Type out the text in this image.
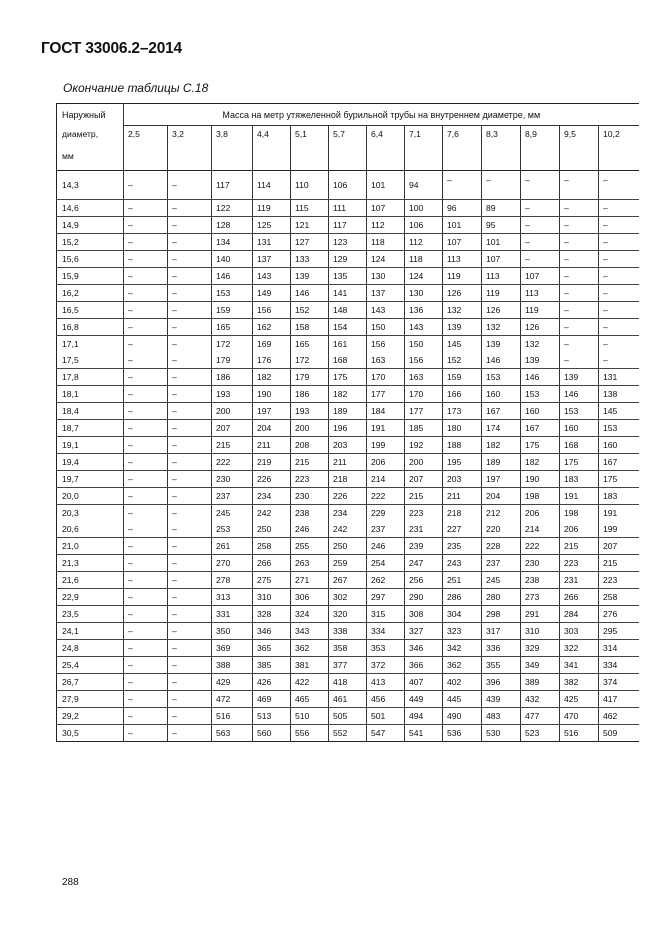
ГОСТ 33006.2–2014
Окончание таблицы С.18
Наружный	Масса на метр утяжеленной бурильной трубы на внутреннем диаметре, мм												
диаметр,	2,5	3,2	3,8	4,4	5,1	5,7	6,4	7,1	7,6	8,3	8,9	9,5	10,2
мм													
14,3	–	–	117	114	110	106	101	94	–	–	–	–	–
14,6	–	–	122	119	115	111	107	100	96	89	–	–	–
14,9	–	–	128	125	121	117	112	106	101	95	–	–	–
15,2	–	–	134	131	127	123	118	112	107	101	–	–	–
15,6	–	–	140	137	133	129	124	118	113	107	–	–	–
15,9	–	–	146	143	139	135	130	124	119	113	107	–	–
16,2	–	–	153	149	146	141	137	130	126	119	113	–	–
16,5	–	–	159	156	152	148	143	136	132	126	119	–	–
16,8	–	–	165	162	158	154	150	143	139	132	126	–	–
17,1	–	–	172	169	165	161	156	150	145	139	132	–	–
17,5	–	–	179	176	172	168	163	156	152	146	139	–	–
17,8	–	–	186	182	179	175	170	163	159	153	146	139	131
18,1	–	–	193	190	186	182	177	170	166	160	153	146	138
18,4	–	–	200	197	193	189	184	177	173	167	160	153	145
18,7	–	–	207	204	200	196	191	185	180	174	167	160	153
19,1	–	–	215	211	208	203	199	192	188	182	175	168	160
19,4	–	–	222	219	215	211	206	200	195	189	182	175	167
19,7	–	–	230	226	223	218	214	207	203	197	190	183	175
20,0	–	–	237	234	230	226	222	215	211	204	198	191	183
20,3	–	–	245	242	238	234	229	223	218	212	206	198	191
20,6	–	–	253	250	246	242	237	231	227	220	214	206	199
21,0	–	–	261	258	255	250	246	239	235	228	222	215	207
21,3	–	–	270	266	263	259	254	247	243	237	230	223	215
21,6	–	–	278	275	271	267	262	256	251	245	238	231	223
22,9	–	–	313	310	306	302	297	290	286	280	273	266	258
23,5	–	–	331	328	324	320	315	308	304	298	291	284	276
24,1	–	–	350	346	343	338	334	327	323	317	310	303	295
24,8	–	–	369	365	362	358	353	346	342	336	329	322	314
25,4	–	–	388	385	381	377	372	366	362	355	349	341	334
26,7	–	–	429	426	422	418	413	407	402	396	389	382	374
27,9	–	–	472	469	465	461	456	449	445	439	432	425	417
29,2	–	–	516	513	510	505	501	494	490	483	477	470	462
30,5	–	–	563	560	556	552	547	541	536	530	523	516	509
288
